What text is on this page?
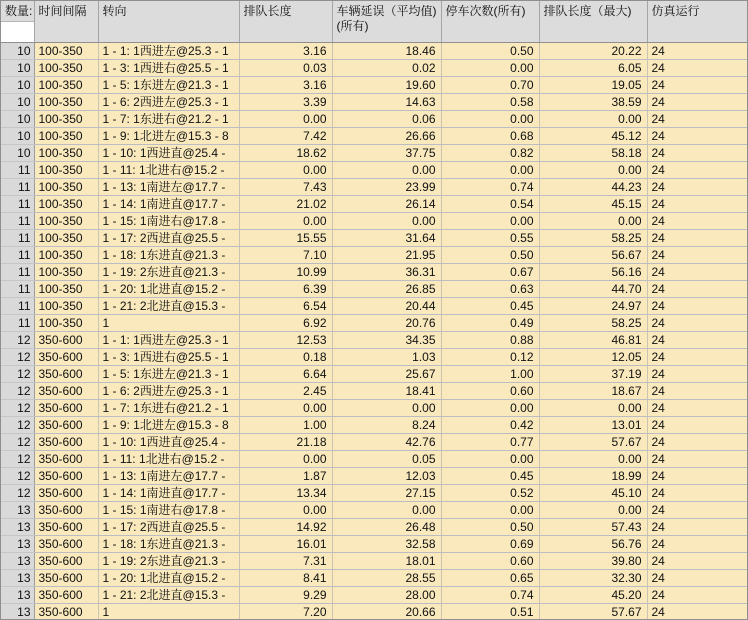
数量:	时间间隔	转向	排队长度	车辆延误（平均值) (所有)	停车次数(所有)	排队长度（最大)	仿真运行
10	100-350	1 - 1: 1西进左@25.3 - 1	3.16	18.46	0.50	20.22	24
10	100-350	1 - 3: 1西进右@25.5 - 1	0.03	0.02	0.00	6.05	24
10	100-350	1 - 5: 1东进左@21.3 - 1	3.16	19.60	0.70	19.05	24
10	100-350	1 - 6: 2西进左@25.3 - 1	3.39	14.63	0.58	38.59	24
10	100-350	1 - 7: 1东进右@21.2 - 1	0.00	0.06	0.00	0.00	24
10	100-350	1 - 9: 1北进左@15.3 - 8	7.42	26.66	0.68	45.12	24
10	100-350	1 - 10: 1西进直@25.4 -	18.62	37.75	0.82	58.18	24
11	100-350	1 - 11: 1北进右@15.2 -	0.00	0.00	0.00	0.00	24
11	100-350	1 - 13: 1南进左@17.7 -	7.43	23.99	0.74	44.23	24
11	100-350	1 - 14: 1南进直@17.7 -	21.02	26.14	0.54	45.15	24
11	100-350	1 - 15: 1南进右@17.8 -	0.00	0.00	0.00	0.00	24
11	100-350	1 - 17: 2西进直@25.5 -	15.55	31.64	0.55	58.25	24
11	100-350	1 - 18: 1东进直@21.3 -	7.10	21.95	0.50	56.67	24
11	100-350	1 - 19: 2东进直@21.3 -	10.99	36.31	0.67	56.16	24
11	100-350	1 - 20: 1北进直@15.2 -	6.39	26.85	0.63	44.70	24
11	100-350	1 - 21: 2北进直@15.3 -	6.54	20.44	0.45	24.97	24
11	100-350	1	6.92	20.76	0.49	58.25	24
12	350-600	1 - 1: 1西进左@25.3 - 1	12.53	34.35	0.88	46.81	24
12	350-600	1 - 3: 1西进右@25.5 - 1	0.18	1.03	0.12	12.05	24
12	350-600	1 - 5: 1东进左@21.3 - 1	6.64	25.67	1.00	37.19	24
12	350-600	1 - 6: 2西进左@25.3 - 1	2.45	18.41	0.60	18.67	24
12	350-600	1 - 7: 1东进右@21.2 - 1	0.00	0.00	0.00	0.00	24
12	350-600	1 - 9: 1北进左@15.3 - 8	1.00	8.24	0.42	13.01	24
12	350-600	1 - 10: 1西进直@25.4 -	21.18	42.76	0.77	57.67	24
12	350-600	1 - 11: 1北进右@15.2 -	0.00	0.05	0.00	0.00	24
12	350-600	1 - 13: 1南进左@17.7 -	1.87	12.03	0.45	18.99	24
12	350-600	1 - 14: 1南进直@17.7 -	13.34	27.15	0.52	45.10	24
13	350-600	1 - 15: 1南进右@17.8 -	0.00	0.00	0.00	0.00	24
13	350-600	1 - 17: 2西进直@25.5 -	14.92	26.48	0.50	57.43	24
13	350-600	1 - 18: 1东进直@21.3 -	16.01	32.58	0.69	56.76	24
13	350-600	1 - 19: 2东进直@21.3 -	7.31	18.01	0.60	39.80	24
13	350-600	1 - 20: 1北进直@15.2 -	8.41	28.55	0.65	32.30	24
13	350-600	1 - 21: 2北进直@15.3 -	9.29	28.00	0.74	45.20	24
13	350-600	1	7.20	20.66	0.51	57.67	24
